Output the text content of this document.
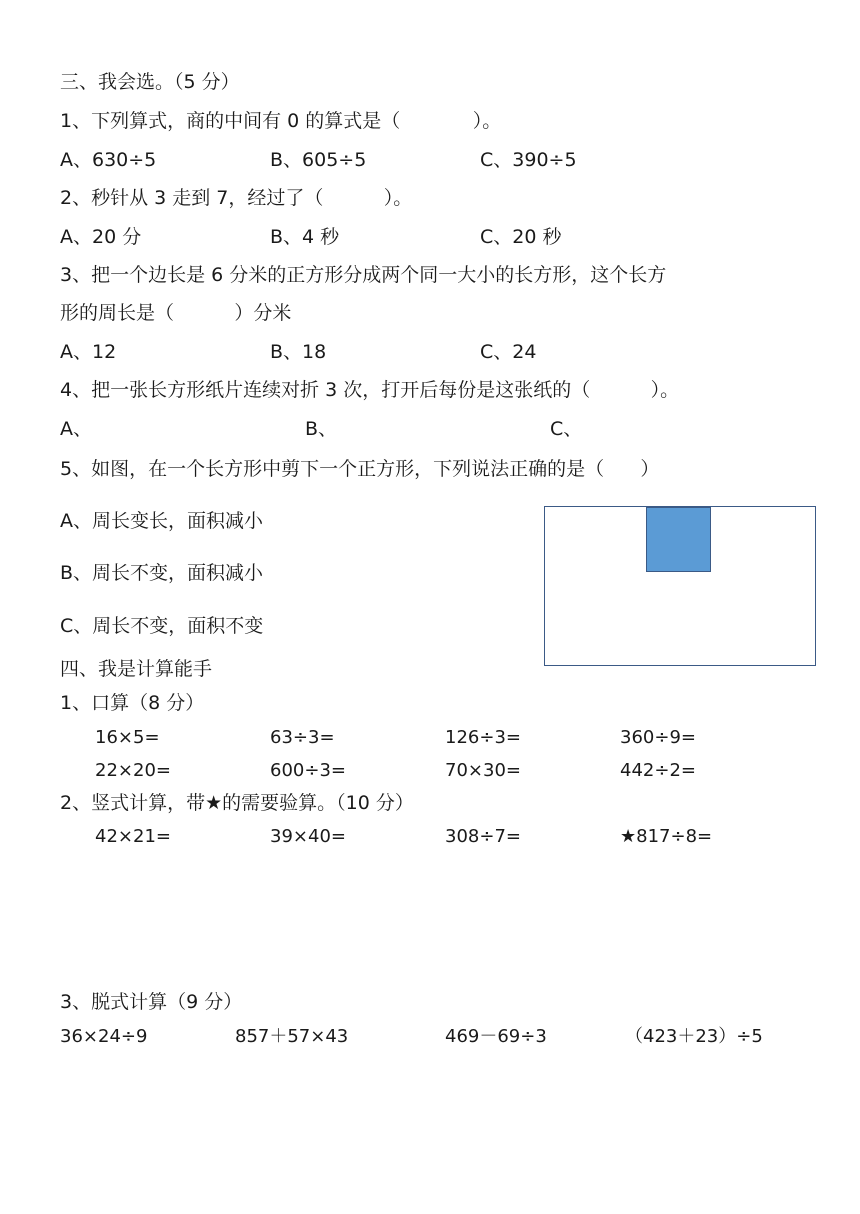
三、我会选。（5 分）
1、下列算式，商的中间有 0 的算式是（            ）。
A、630÷5	B、605÷5	C、390÷5
2、秒针从 3 走到 7，经过了（          ）。
A、20 分	B、4 秒	C、20 秒
3、把一个边长是 6 分米的正方形分成两个同一大小的长方形，这个长方
形的周长是（          ）分米
A、12	B、18	C、24
4、把一张长方形纸片连续对折 3 次，打开后每份是这张纸的（          ）。
A、	B、	C、
5、如图，在一个长方形中剪下一个正方形，下列说法正确的是（      ）
A、周长变长，面积减小
B、周长不变，面积减小
C、周长不变，面积不变
四、我是计算能手
1、口算（8 分）
16×5=	63÷3=	126÷3=	360÷9=
22×20=	600÷3=	70×30=	442÷2=
2、竖式计算，带★的需要验算。（10 分）
42×21=	39×40=	308÷7=	★817÷8=
3、脱式计算（9 分）
36×24÷9	857＋57×43	469－69÷3	（423＋23）÷5
